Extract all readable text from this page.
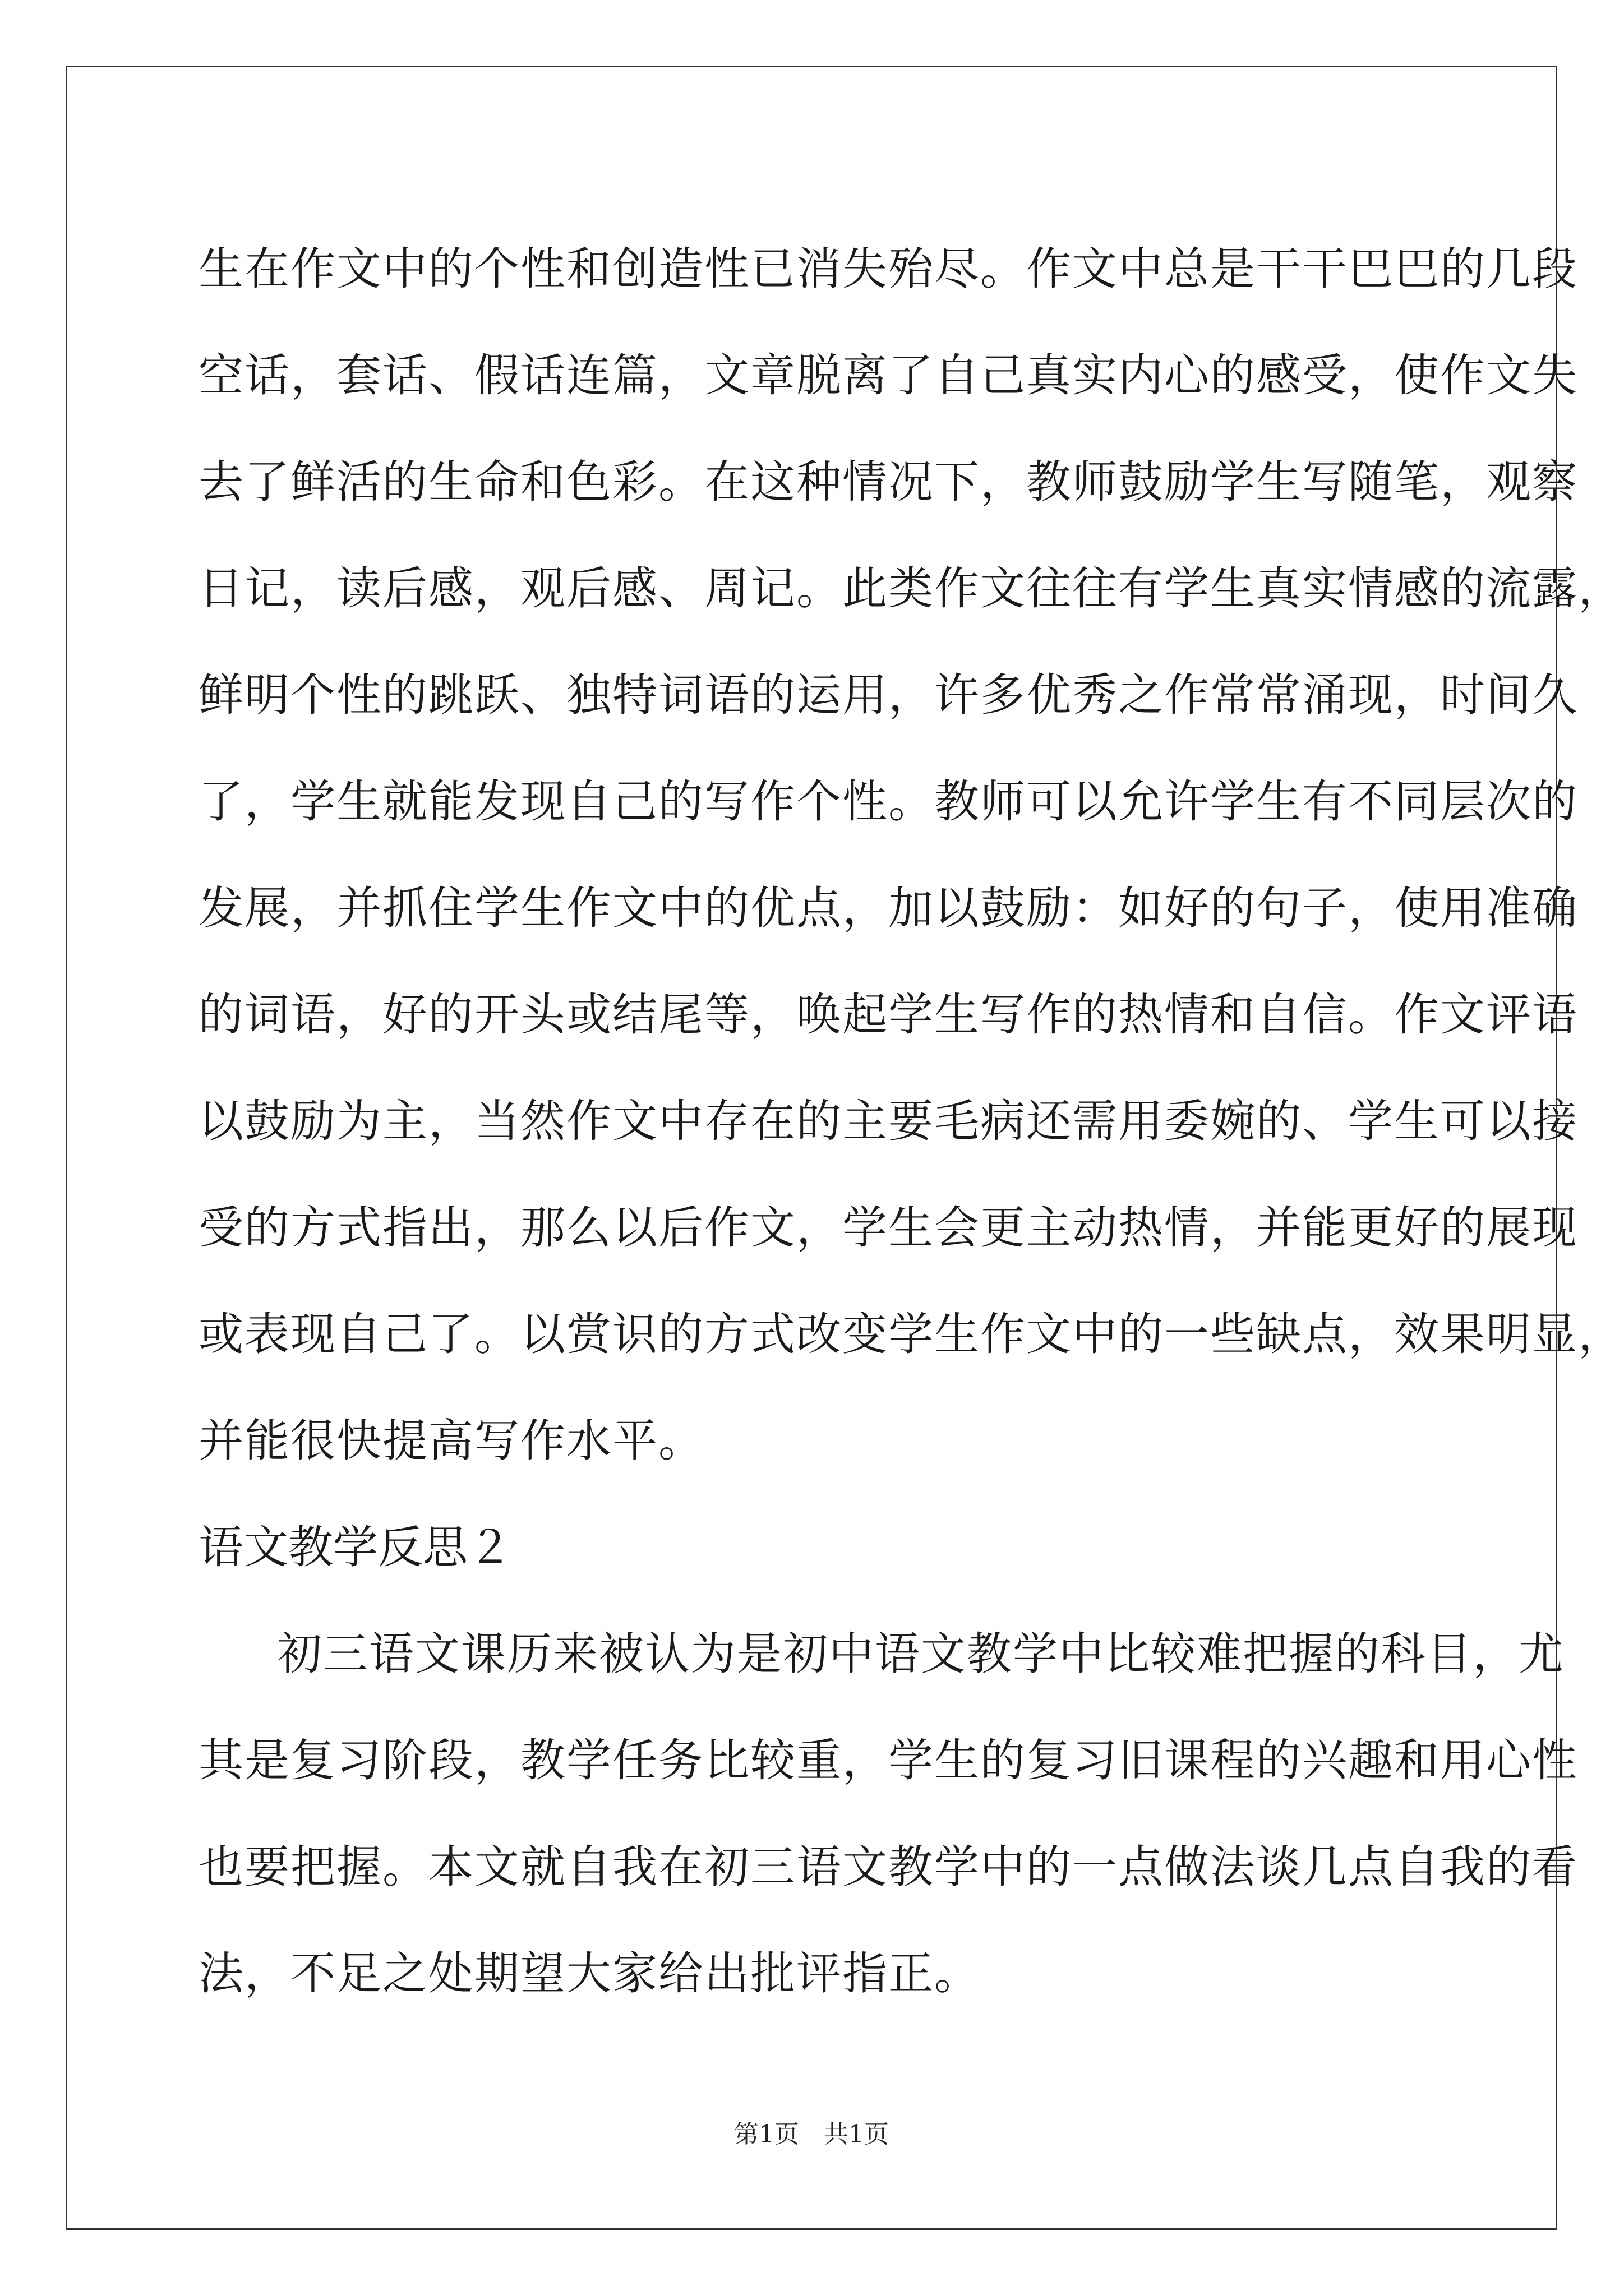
生在作文中的个性和创造性已消失殆尽。作文中总是干干巴巴的几段
空话，套话、假话连篇，文章脱离了自己真实内心的感受，使作文失
去了鲜活的生命和色彩。在这种情况下，教师鼓励学生写随笔，观察
日记，读后感，观后感、周记。此类作文往往有学生真实情感的流露，
鲜明个性的跳跃、独特词语的运用，许多优秀之作常常涌现，时间久
了，学生就能发现自己的写作个性。教师可以允许学生有不同层次的
发展，并抓住学生作文中的优点，加以鼓励：如好的句子，使用准确
的词语，好的开头或结尾等，唤起学生写作的热情和自信。作文评语
以鼓励为主，当然作文中存在的主要毛病还需用委婉的、学生可以接
受的方式指出，那么以后作文，学生会更主动热情，并能更好的展现
或表现自己了。以赏识的方式改变学生作文中的一些缺点，效果明显，
并能很快提高写作水平。
语文教学反思２
初三语文课历来被认为是初中语文教学中比较难把握的科目，尤
其是复习阶段，教学任务比较重，学生的复习旧课程的兴趣和用心性
也要把握。本文就自我在初三语文教学中的一点做法谈几点自我的看
法，不足之处期望大家给出批评指正。
第1页　共1页
